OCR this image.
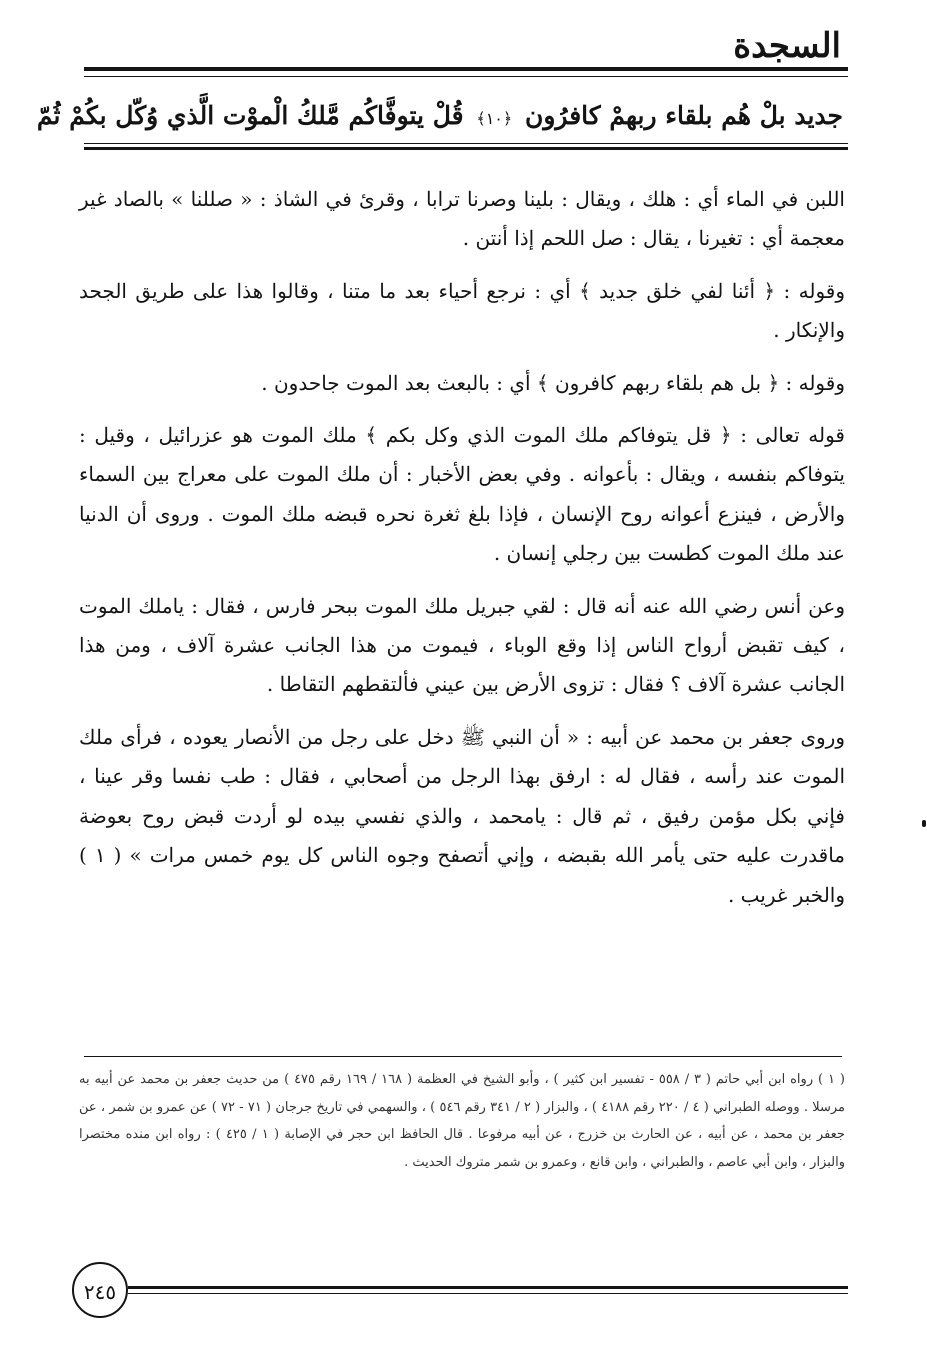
السجدة
جديد بلْ هُم بلقاء ربهمْ كافرُون ﴿١٠﴾ قُلْ يتوفَّاكُم مَّلكُ الْموْت الَّذي وُكّل بكُمْ ثُمّ

اللبن في الماء أي : هلك ، ويقال : بلينا وصرنا ترابا ، وقرئ في الشاذ : « صللنا » بالصاد غير معجمة أي : تغيرنا ، يقال : صل اللحم إذا أنتن .

وقوله : ﴿ أئنا لفي خلق جديد ﴾ أي : نرجع أحياء بعد ما متنا ، وقالوا هذا على طريق الجحد والإنكار .

وقوله : ﴿ بل هم بلقاء ربهم كافرون ﴾ أي : بالبعث بعد الموت جاحدون .

قوله تعالى : ﴿ قل يتوفاكم ملك الموت الذي وكل بكم ﴾ ملك الموت هو عزرائيل ، وقيل : يتوفاكم بنفسه ، ويقال : بأعوانه . وفي بعض الأخبار : أن ملك الموت على معراج بين السماء والأرض ، فينزع أعوانه روح الإنسان ، فإذا بلغ ثغرة نحره قبضه ملك الموت . وروى أن الدنيا عند ملك الموت كطست بين رجلي إنسان .

وعن أنس رضي الله عنه أنه قال : لقي جبريل ملك الموت ببحر فارس ، فقال : ياملك الموت ، كيف تقبض أرواح الناس إذا وقع الوباء ، فيموت من هذا الجانب عشرة آلاف ، ومن هذا الجانب عشرة آلاف ؟ فقال : تزوى الأرض بين عيني فألتقطهم التقاطا .

وروى جعفر بن محمد عن أبيه : « أن النبي ﷺ دخل على رجل من الأنصار يعوده ، فرأى ملك الموت عند رأسه ، فقال له : ارفق بهذا الرجل من أصحابي ، فقال : طب نفسا وقر عينا ، فإني بكل مؤمن رفيق ، ثم قال : يامحمد ، والذي نفسي بيده لو أردت قبض روح بعوضة ماقدرت عليه حتى يأمر الله بقبضه ، وإني أتصفح وجوه الناس كل يوم خمس مرات » ( ١ ) والخبر غريب .

( ١ ) رواه ابن أبي حاتم ( ٣ / ٥٥٨ - تفسير ابن كثير ) ، وأبو الشيخ في العظمة ( ١٦٨ / ١٦٩ رقم ٤٧٥ ) من حديث جعفر بن محمد عن أبيه به مرسلا . ووصله الطبراني ( ٤ / ٢٢٠ رقم ٤١٨٨ ) ، والبزار ( ٢ / ٣٤١ رقم ٥٤٦ ) ، والسهمي في تاريخ جرجان ( ٧١ - ٧٢ ) عن عمرو بن شمر ، عن جعفر بن محمد ، عن أبيه ، عن الحارث بن خزرج ، عن أبيه مرفوعا . قال الحافظ ابن حجر في الإصابة ( ١ / ٤٢٥ ) : رواه ابن منده مختصرا والبزار ، وابن أبي عاصم ، والطبراني ، وابن قانع ، وعمرو بن شمر متروك الحديث .
٢٤٥
